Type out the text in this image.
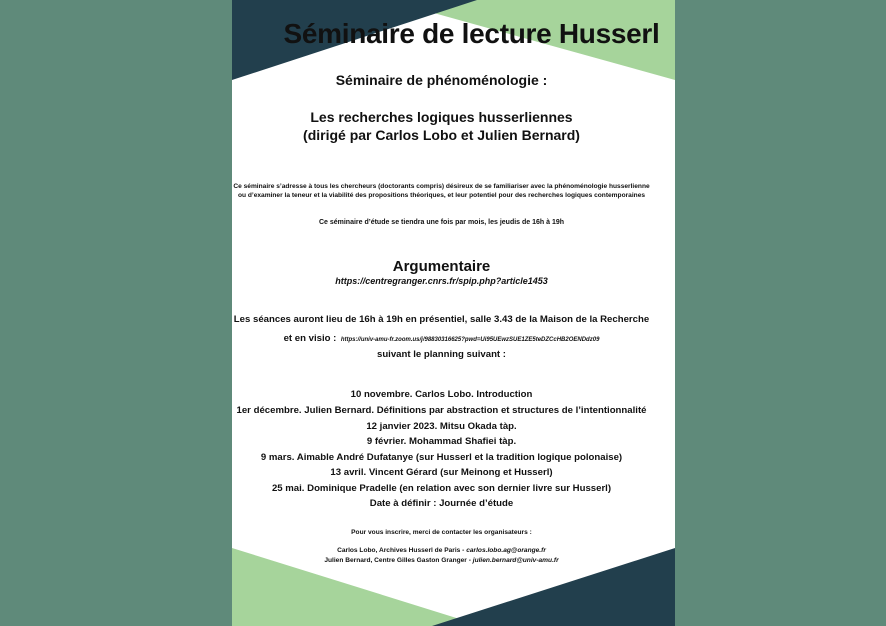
Séminaire de lecture Husserl
Séminaire de phénoménologie :
Les recherches logiques husserliennes
(dirigé par Carlos Lobo et Julien Bernard)
Ce séminaire s’adresse à tous les chercheurs (doctorants compris) désireux de se familiariser avec la phénoménologie husserlienne
ou d’examiner la teneur et la viabilité des propositions théoriques, et leur potentiel pour des recherches logiques contemporaines
Ce séminaire d’étude se tiendra une fois par mois, les jeudis de 16h à 19h
Argumentaire
https://centregranger.cnrs.fr/spip.php?article1453
Les séances auront lieu de 16h à 19h en présentiel, salle 3.43 de la Maison de la Recherche
et en visio : https://univ-amu-fr.zoom.us/j/98830316625?pwd=Ui95UEwzSUE1ZE5teDZCcHB2OENDdz09
suivant le planning suivant :
10 novembre. Carlos Lobo. Introduction
1er décembre. Julien Bernard. Définitions par abstraction et structures de l’intentionnalité
12 janvier 2023. Mitsu Okada tàp.
9 février. Mohammad Shafiei tàp.
9 mars. Aimable André Dufatanye (sur Husserl et la tradition logique polonaise)
13 avril. Vincent Gérard (sur Meinong et Husserl)
25 mai. Dominique Pradelle (en relation avec son dernier livre sur Husserl)
Date à définir : Journée d’étude
Pour vous inscrire, merci de contacter les organisateurs :
Carlos Lobo, Archives Husserl de Paris - carlos.lobo.ag@orange.fr
Julien Bernard, Centre Gilles Gaston Granger - julien.bernard@univ-amu.fr
